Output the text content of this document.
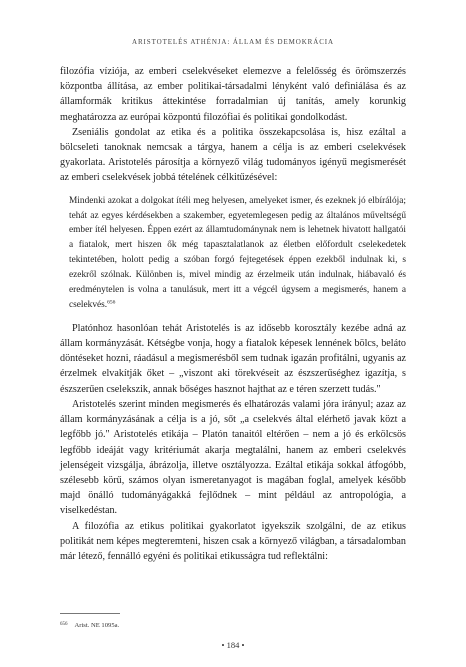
ARISTOTELÉS ATHÉNJA: ÁLLAM ÉS DEMOKRÁCIA

filozófia víziója, az emberi cselekvéseket elemezve a felelősség és örömszerzés központba állítása, az ember politikai-társadalmi lényként való definiálása és az államformák kritikus áttekintése forradalmian új tanítás, amely korunkig meghatározza az európai központú filozófiai és politikai gondolkodást.

Zseniális gondolat az etika és a politika összekapcsolása is, hisz ezáltal a bölcseleti tanoknak nemcsak a tárgya, hanem a célja is az emberi cselekvések gyakorlata. Aristotelés párosítja a környező világ tudományos igényű megismerését az emberi cselekvések jobbá tételének célkitűzésével:

Mindenki azokat a dolgokat ítéli meg helyesen, amelyeket ismer, és ezeknek jó elbírálója; tehát az egyes kérdésekben a szakember, egyetemlegesen pedig az általános műveltségű ember ítél helyesen. Éppen ezért az államtudománynak nem is lehetnek hivatott hallgatói a fiatalok, mert hiszen ők még tapasztalatlanok az életben előfordult cselekedetek tekintetében, holott pedig a szóban forgó fejtegetések éppen ezekből indulnak ki, s ezekről szólnak. Különben is, mivel mindig az érzelmeik után indulnak, hiábavaló és eredménytelen is volna a tanulásuk, mert itt a végcél úgysem a megismerés, hanem a cselekvés.$^{656}$

Platónhoz hasonlóan tehát Aristotelés is az idősebb korosztály kezébe adná az állam kormányzását. Kétségbe vonja, hogy a fiatalok képesek lennének bölcs, beláto döntéseket hozni, ráadásul a megismerésből sem tudnak igazán profitálni, ugyanis az érzelmek elvakítják őket – „viszont aki törekvéseit az észszerűséghez igazítja, s észszerűen cselekszik, annak bőséges hasznot hajthat az e téren szerzett tudás."

Aristotelés szerint minden megismerés és elhatározás valami jóra irányul; azaz az állam kormányzásának a célja is a jó, sőt „a cselekvés által elérhető javak közt a legfőbb jó." Aristotelés etikája – Platón tanaitól eltérően – nem a jó és erkölcsös legfőbb ideáját vagy kritériumát akarja megtalálni, hanem az emberi cselekvés jelenségeit vizsgálja, ábrázolja, illetve osztályozza. Ezáltal etikája sokkal átfogóbb, szélesebb körű, számos olyan ismeretanyagot is magában foglal, amelyek később majd önálló tudományágakká fejlődnek – mint például az antropológia, a viselkedéstan.

A filozófia az etikus politikai gyakorlatot igyekszik szolgálni, de az etikus politikát nem képes megteremteni, hiszen csak a környező világban, a társadalomban már létező, fennálló egyéni és politikai etikusságra tud reflektálni:

$^{656}$ Arist. NE 1095a.
• 184 •
